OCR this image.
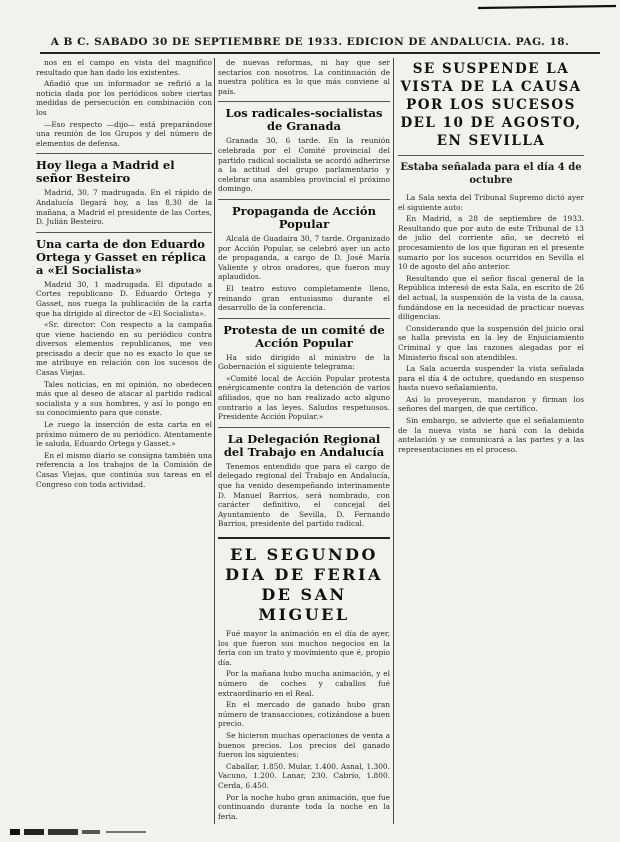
A B C. SABADO 30 DE SEPTIEMBRE DE 1933. EDICION DE ANDALUCIA. PAG. 18.

nos en el campo en vista del magnifico resultado que han dado los existentes.

Añadió que un informador se refirió a la noticia dada por los periódicos sobre ciertas medidas de persecución en combinación con los

—Eso respecto —dijo— está preparándose una reunión de los Grupos y del número de elementos de defensa.

Hoy llega a Madrid el señor Besteiro

Madrid, 30, 7 madrugada. En el rápido de Andalucía llegará hoy, a las 8,30 de la mañana, a Madrid el presidente de las Cortes, D. Julián Besteiro.

Una carta de don Eduardo Ortega y Gasset en réplica a «El Socialista»

Madrid 30, 1 madrugada. El diputado a Cortes republicano D. Eduardo Ortega y Gasset, nos ruega la publicación de la carta que ha dirigido al director de «El Socialista».

«Sr. director: Con respecto a la campaña que viene haciendo en su periódico contra diversos elementos republicanos, me veo precisado a decir que no es exacto lo que se me atribuye en relación con los sucesos de Casas Viejas.

Tales noticias, en mi opinión, no obedecen más que al deseo de atacar al partido radical socialista y a sus hombres, y así lo pongo en su conocimiento para que conste.

Le ruego la inserción de esta carta en el próximo número de su periódico. Atentamente le saluda, Eduardo Ortega y Gasset.»

En el mismo diario se consigna también una referencia a los trabajos de la Comisión de Casas Viejas, que continúa sus tareas en el Congreso con toda actividad.

de nuevas reformas, ni hay que ser sectarios con nosotros. La continuación de nuestra política es lo que más conviene al país.

Los radicales-socialistas de Granada

Granada 30, 6 tarde. En la reunión celebrada por el Comité provincial del partido radical socialista se acordó adherirse a la actitud del grupo parlamentario y celebrar una asamblea provincial el próximo domingo.

Propaganda de Acción Popular

Alcalá de Guadaira 30, 7 tarde. Organizado por Acción Popular, se celebró ayer un acto de propaganda, a cargo de D. José María Valiente y otros oradores, que fueron muy aplaudidos.

El teatro estuvo completamente lleno, reinando gran entusiasmo durante el desarrollo de la conferencia.

Protesta de un comité de Acción Popular

Ha sido dirigido al ministro de la Gobernación el siguiente telegrama:

«Comité local de Acción Popular protesta enérgicamente contra la detención de varios afiliados, que no han realizado acto alguno contrario a las leyes. Saludos respetuosos. Presidente Acción Popular.»

La Delegación Regional del Trabajo en Andalucía

Tenemos entendido que para el cargo de delegado regional del Trabajo en Andalucía, que ha venido desempeñando interinamente D. Manuel Barrios, será nombrado, con carácter definitivo, el concejal del Ayuntamiento de Sevilla, D. Fernando Barrios, presidente del partido radical.

EL SEGUNDO DIA DE FERIA DE SAN MIGUEL

Fué mayor la animación en el día de ayer, los que fueron sus muchos negocios en la feria con un trato y movimiento que é, propio día.

Por la mañana hubo mucha animación, y el número de coches y caballos fué extraordinario en el Real.

En el mercado de ganado hubo gran número de transacciones, cotizándose a buen precio.

Se hicieron muchas operaciones de venta a buenos precios. Los precios del ganado fueron los siguientes:

Caballar, 1.850. Mular, 1.400. Asnal, 1.300. Vacuno, 1.200. Lanar, 230. Cabrío, 1.800. Cerda, 6.450.

Por la noche hubo gran animación, que fue continuando durante toda la noche en la feria.

SE SUSPENDE LA VISTA DE LA CAUSA POR LOS SUCESOS DEL 10 DE AGOSTO, EN SEVILLA
Estaba señalada para el día 4 de octubre

La Sala sexta del Tribunal Supremo dictó ayer el siguiente auto:

En Madrid, a 28 de septiembre de 1933. Resultando que por auto de este Tribunal de 13 de julio del corriente año, se decretó el procesamiento de los que figuran en el presente sumario por los sucesos ocurridos en Sevilla el 10 de agosto del año anterior.

Resultando que el señor fiscal general de la República interesó de esta Sala, en escrito de 26 del actual, la suspensión de la vista de la causa, fundándose en la necesidad de practicar nuevas diligencias.

Considerando que la suspensión del juicio oral se halla prevista en la ley de Enjuiciamiento Criminal y que las razones alegadas por el Ministerio fiscal son atendibles.

La Sala acuerda suspender la vista señalada para el día 4 de octubre, quedando en suspenso hasta nuevo señalamiento.

Así lo proveyeron, mandaron y firman los señores del margen, de que certifico.

Sin embargo, se advierte que el señalamiento de la nueva vista se hará con la debida antelación y se comunicará a las partes y a las representaciones en el proceso.
